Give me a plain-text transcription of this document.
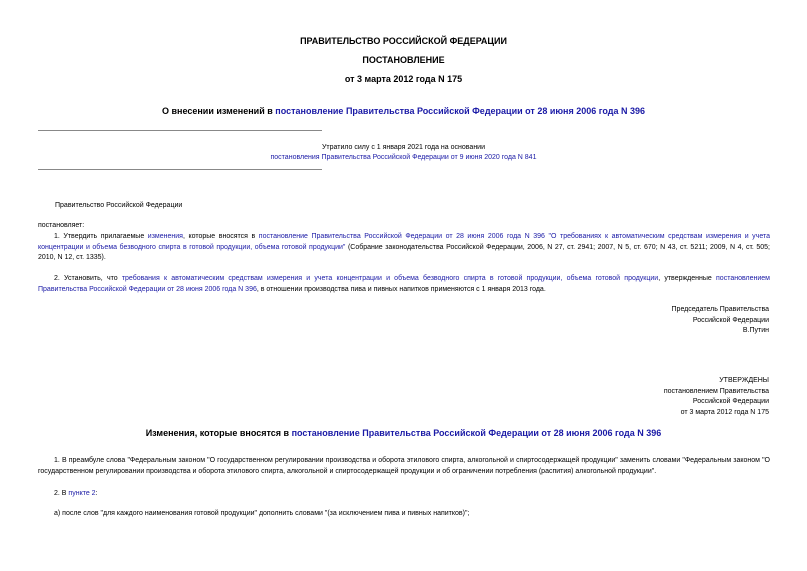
ПРАВИТЕЛЬСТВО РОССИЙСКОЙ ФЕДЕРАЦИИ
ПОСТАНОВЛЕНИЕ
от 3 марта 2012 года N 175
О внесении изменений в постановление Правительства Российской Федерации от 28 июня 2006 года N 396
Утратило силу с 1 января 2021 года на основании
постановления Правительства Российской Федерации от 9 июня 2020 года N 841
Правительство Российской Федерации
постановляет:
1. Утвердить прилагаемые изменения, которые вносятся в постановление Правительства Российской Федерации от 28 июня 2006 года N 396 "О требованиях к автоматическим средствам измерения и учета концентрации и объема безводного спирта в готовой продукции, объема готовой продукции" (Собрание законодательства Российской Федерации, 2006, N 27, ст. 2941; 2007, N 5, ст. 670; N 43, ст. 5211; 2009, N 4, ст. 505; 2010, N 12, ст. 1335).
2. Установить, что требования к автоматическим средствам измерения и учета концентрации и объема безводного спирта в готовой продукции, объема готовой продукции, утвержденные постановлением Правительства Российской Федерации от 28 июня 2006 года N 396, в отношении производства пива и пивных напитков применяются с 1 января 2013 года.
Председатель Правительства
Российской Федерации
В.Путин
УТВЕРЖДЕНЫ
постановлением Правительства
Российской Федерации
от 3 марта 2012 года N 175
Изменения, которые вносятся в постановление Правительства Российской Федерации от 28 июня 2006 года N 396
1. В преамбуле слова "Федеральным законом "О государственном регулировании производства и оборота этилового спирта, алкогольной и спиртосодержащей продукции" заменить словами "Федеральным законом "О государственном регулировании производства и оборота этилового спирта, алкогольной и спиртосодержащей продукции и об ограничении потребления (распития) алкогольной продукции".
2. В пункте 2:
а) после слов "для каждого наименования готовой продукции" дополнить словами "(за исключением пива и пивных напитков)";
